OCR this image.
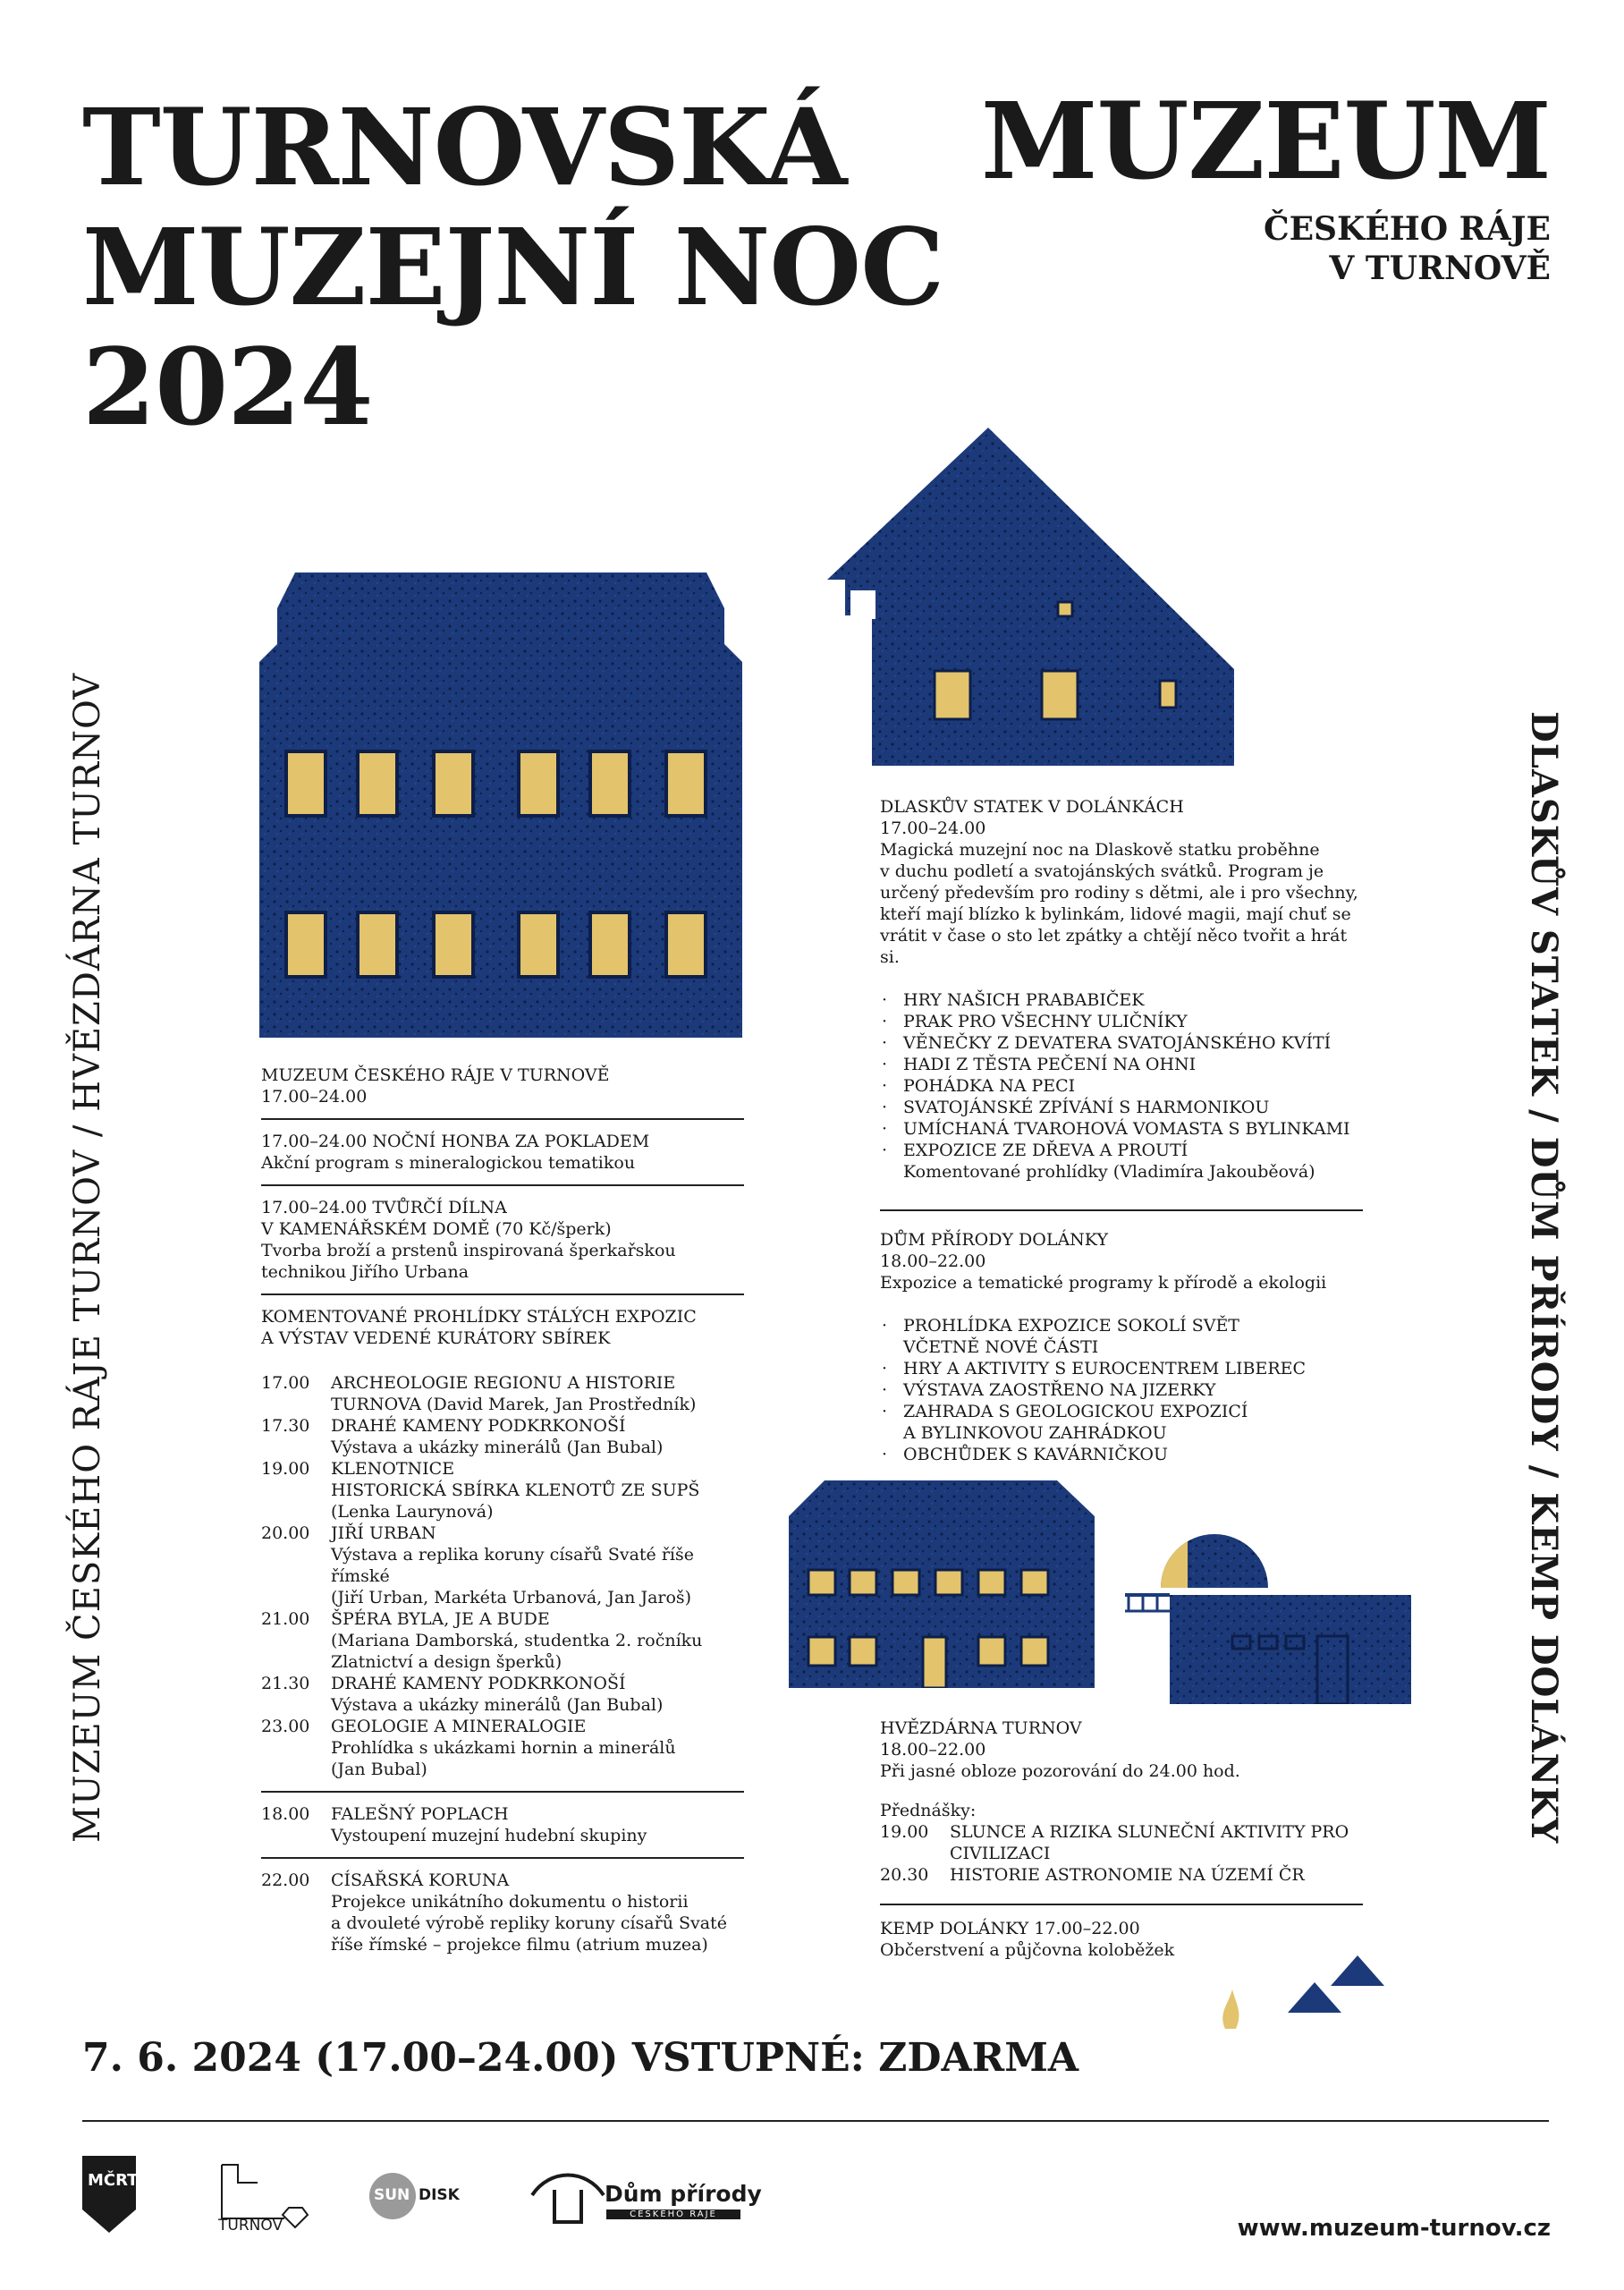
TURNOVSKÁ
MUZEJNÍ NOC
2024
MUZEUM
ČESKÉHO RÁJE
V TURNOVĚ
MUZEUM ČESKÉHO RÁJE TURNOV / HVĚZDÁRNA TURNOV	DLASKŮV STATEK / DŮM PŘÍRODY / KEMP DOLÁNKY
MUZEUM ČESKÉHO RÁJE V TURNOVĚ
17.00–24.00
17.00–24.00 NOČNÍ HONBA ZA POKLADEM
Akční program s mineralogickou tematikou
17.00–24.00 TVŮRČÍ DÍLNA
V KAMENÁŘSKÉM DOMĚ (70 Kč/šperk)
Tvorba broží a prstenů inspirovaná šperkařskou
technikou Jiřího Urbana
KOMENTOVANÉ PROHLÍDKY STÁLÝCH EXPOZIC
A VÝSTAV VEDENÉ KURÁTORY SBÍREK
17.00	ARCHEOLOGIE REGIONU A HISTORIE
TURNOVA (David Marek, Jan Prostředník)
17.30	DRAHÉ KAMENY PODKRKONOŠÍ
Výstava a ukázky minerálů (Jan Bubal)
19.00	KLENOTNICE
HISTORICKÁ SBÍRKA KLENOTŮ ZE SUPŠ
(Lenka Laurynová)
20.00	JIŘÍ URBAN
Výstava a replika koruny císařů Svaté říše římské
(Jiří Urban, Markéta Urbanová, Jan Jaroš)
21.00	ŠPÉRA BYLA, JE A BUDE
(Mariana Damborská, studentka 2. ročníku
Zlatnictví a design šperků)
21.30	DRAHÉ KAMENY PODKRKONOŠÍ
Výstava a ukázky minerálů (Jan Bubal)
23.00	GEOLOGIE A MINERALOGIE
Prohlídka s ukázkami hornin a minerálů
(Jan Bubal)
18.00	FALEŠNÝ POPLACH
Vystoupení muzejní hudební skupiny
22.00	CÍSAŘSKÁ KORUNA
Projekce unikátního dokumentu o historii
a dvouleté výrobě repliky koruny císařů Svaté
říše římské – projekce filmu (atrium muzea)
DLASKŮV STATEK V DOLÁNKÁCH
17.00–24.00
Magická muzejní noc na Dlaskově statku proběhne
v duchu podletí a svatojánských svátků. Program je
určený především pro rodiny s dětmi, ale i pro všechny,
kteří mají blízko k bylinkám, lidové magii, mají chuť se
vrátit v čase o sto let zpátky a chtějí něco tvořit a hrát si.
· HRY NAŠICH PRABABIČEK
· PRAK PRO VŠECHNY ULIČNÍKY
· VĚNEČKY Z DEVATERA SVATOJÁNSKÉHO KVÍTÍ
· HADI Z TĚSTA PEČENÍ NA OHNI
· POHÁDKA NA PECI
· SVATOJÁNSKÉ ZPÍVÁNÍ S HARMONIKOU
· UMÍCHANÁ TVAROHOVÁ VOMASTA S BYLINKAMI
· EXPOZICE ZE DŘEVA A PROUTÍ
Komentované prohlídky (Vladimíra Jakouběová)
DŮM PŘÍRODY DOLÁNKY
18.00–22.00
Expozice a tematické programy k přírodě a ekologii
· PROHLÍDKA EXPOZICE SOKOLÍ SVĚT
VČETNĚ NOVÉ ČÁSTI
· HRY A AKTIVITY S EUROCENTREM LIBEREC
· VÝSTAVA ZAOSTŘENO NA JIZERKY
· ZAHRADA S GEOLOGICKOU EXPOZICÍ
A BYLINKOVOU ZAHRÁDKOU
· OBCHŮDEK S KAVÁRNIČKOU
HVĚZDÁRNA TURNOV
18.00–22.00
Při jasné obloze pozorování do 24.00 hod.
Přednášky:
19.00	SLUNCE A RIZIKA SLUNEČNÍ AKTIVITY PRO
CIVILIZACI
20.30	HISTORIE ASTRONOMIE NA ÚZEMÍ ČR
KEMP DOLÁNKY 17.00–22.00
Občerstvení a půjčovna koloběžek
7. 6. 2024 (17.00–24.00) VSTUPNÉ: ZDARMA
MČRT
TURNOV
SUN DISK	Dům přírody
ČESKÉHO RÁJE
www.muzeum-turnov.cz
